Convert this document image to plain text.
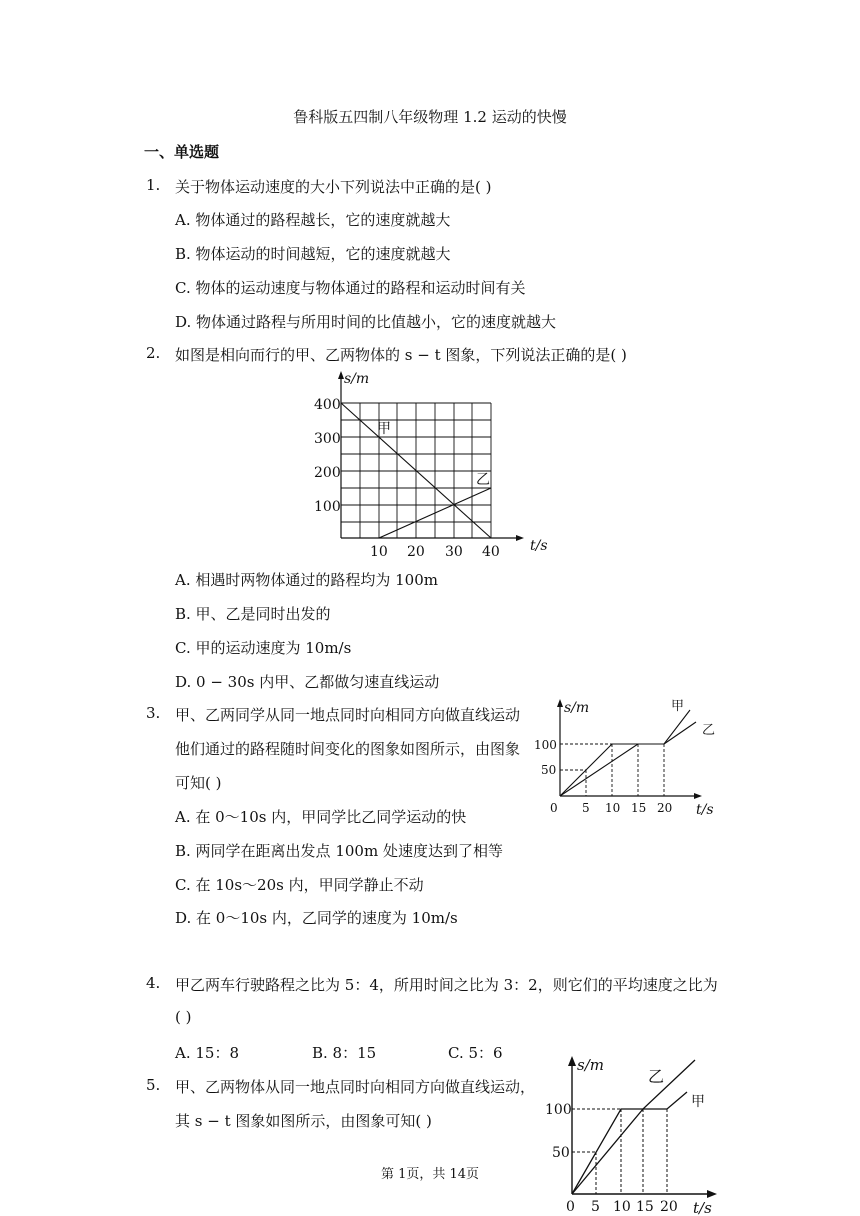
鲁科版五四制八年级物理 1.2 运动的快慢
一、单选题
1. 关于物体运动速度的大小下列说法中正确的是( )
A. 物体通过的路程越长，它的速度就越大
B. 物体运动的时间越短，它的速度就越大
C. 物体的运动速度与物体通过的路程和运动时间有关
D. 物体通过路程与所用时间的比值越小，它的速度就越大
2. 如图是相向而行的甲、乙两物体的 s − t 图象，下列说法正确的是( )
s/m
甲
乙
400
300
200
100
10 20 30 40 t/s
A. 相遇时两物体通过的路程均为 100m
B. 甲、乙是同时出发的
C. 甲的运动速度为 10m/s
D. 0 − 30s 内甲、乙都做匀速直线运动
3. 甲、乙两同学从同一地点同时向相同方向做直线运动
他们通过的路程随时间变化的图象如图所示，由图象
可知( )
A. 在 0～10s 内，甲同学比乙同学运动的快
B. 两同学在距离出发点 100m 处速度达到了相等
C. 在 10s～20s 内，甲同学静止不动
D. 在 0～10s 内，乙同学的速度为 10m/s
s/m	甲
乙
100
50
0 5 10 15 20 t/s
4. 甲乙两车行驶路程之比为 5：4，所用时间之比为 3：2，则它们的平均速度之比为
( )
A. 15：8	B. 8：15	C. 5：6
5. 甲、乙两物体从同一地点同时向相同方向做直线运动，
其 s − t 图象如图所示，由图象可知( )
s/m
乙
甲
100
50
0 5 10 15 20 t/s
第 1页，共 14页
